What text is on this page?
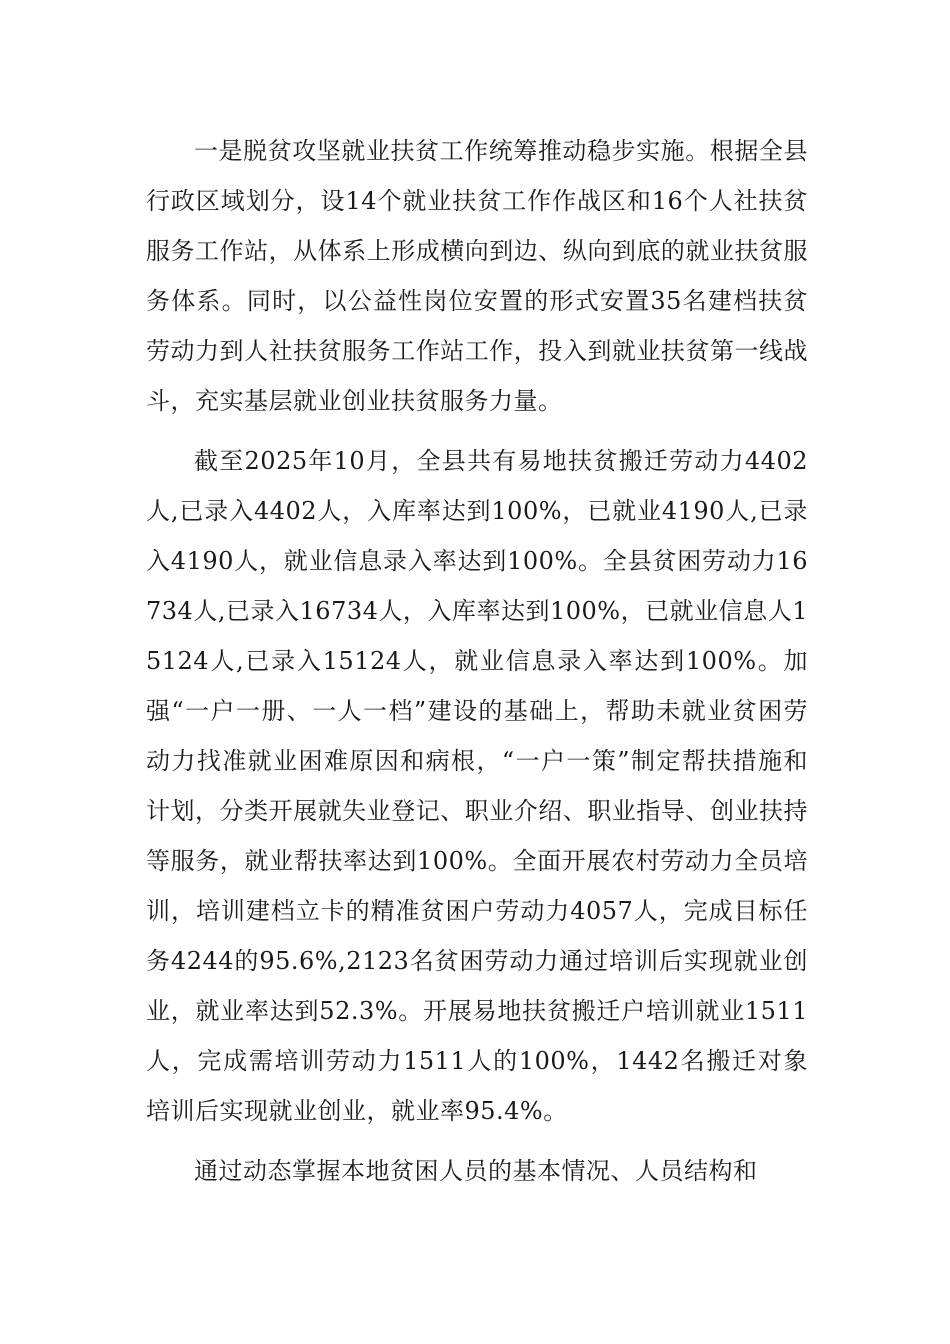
一是脱贫攻坚就业扶贫工作统筹推动稳步实施。根据全县行政区域划分，设14个就业扶贫工作作战区和16个人社扶贫服务工作站，从体系上形成横向到边、纵向到底的就业扶贫服务体系。同时，以公益性岗位安置的形式安置35名建档扶贫劳动力到人社扶贫服务工作站工作，投入到就业扶贫第一线战斗，充实基层就业创业扶贫服务力量。

截至2025年10月，全县共有易地扶贫搬迁劳动力4402人,已录入4402人，入库率达到100%，已就业4190人,已录入4190人，就业信息录入率达到100%。全县贫困劳动力16734人,已录入16734人，入库率达到100%，已就业信息人15124人,已录入15124人，就业信息录入率达到100%。加强“一户一册、一人一档”建设的基础上，帮助未就业贫困劳动力找准就业困难原因和病根，“一户一策”制定帮扶措施和计划，分类开展就失业登记、职业介绍、职业指导、创业扶持等服务，就业帮扶率达到100%。全面开展农村劳动力全员培训，培训建档立卡的精准贫困户劳动力4057人，完成目标任务4244的95.6%,2123名贫困劳动力通过培训后实现就业创业，就业率达到52.3%。开展易地扶贫搬迁户培训就业1511人，完成需培训劳动力1511人的100%，1442名搬迁对象培训后实现就业创业，就业率95.4%。

通过动态掌握本地贫困人员的基本情况、人员结构和
